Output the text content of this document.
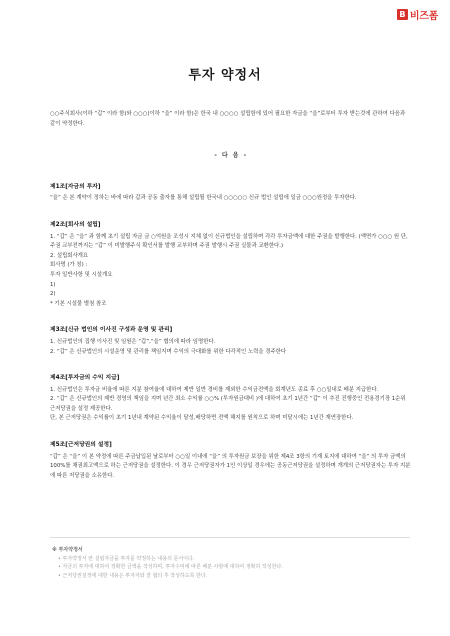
B 비즈폼
투자 약정서

○○주식회사(이하 “갑” 이라 함)와 ○○○(이하 “을” 이라 함)은 한국 내 ○○○○ 설립함에 있어 필요한 자금을 “을”로부터 투자 받는것에 관하여 다음과 같이 약정한다.

- 다 음 -
제1조[자금의 투자]
“을” 은 본 계약이 정하는 바에 따라 갑과 공동 출자를 통해 설립될 한국내 ○○○○○ 신규 법인 설립에 일금 ○○○원정을 투자한다.
제2조[회사의 설립]
1. “갑” 은 “을” 과 함께 초기 설립 자금 금 ○억원을 조성시 지체 없이 신규법인을 설립하며 각각 투자금액에 대한 주권을 발행한다. (액면가 ○○○ 원 단,주권 교부전까지는 “갑” 이 미발행주식 확인서를 발행 교부하며 주권 발행시 주권 실물과 교환한다.)
2. 설립회사개요
회사명 (가 칭) :
투자 일반사항 및 시설개요
1)
2)
* 기본 시설물 별첨 참조
제3조[신규 법인의 이사진 구성과 운영 및 관리]
1. 신규법인의 집행 이사진 및 임원은 “갑”,“을” 협의에 따라 임명한다.
2. “갑” 은 신규법인의 시설운영 및 관리를 책임지며 수익의 극대화를 위한 다각적인 노력을 경주한다
제4조[투자금의 수익 지급]
1. 신규법인은 투자금 비율에 따른 지분 참여율에 대하여 제반 일반 경비를 제외한 수익금전액을 회계년도 종료 후 ○○일내로 배분 지급한다.
2. “갑” 은 신규법인의 제반 경영의 책임을 지며 년간 최소 수익률 ○○% (투자원금대비 )에 대하여 초기 1년간 “갑” 이 추진 진행중인 전용경기장 1순위 근저당권을 설정 제공한다.
단, 본 근저당권은 수익률이 초기 1년내 계약된 수익율이 달성,배당하면 전액 해지를 원칙으로 하며 미달시에는 1년간 재연장한다.
제5조[근저당권의 설정]
“갑” 은 “을” 이 본 약정에 따른 주금납입된 날로부터 ○○일 이내에 “을” 의 투자원금 보장을 위한 제4조 3항의 기재 토지에 대하여 “을” 의 투자 금액의 100%를 채권최고액으로 하는 근저당권을 설정한다. 이 경우 근저당권자가 1인 이상일 경우에는 공동근저당권을 설정하며 개개의 근저당권자는 투자 지분에 따른 저당권을 소유한다.
※ 투자약정서
• 투자약정서 란 설립자금을 투자를 약정하는 내용의 문서이다.
• 자금의 투자에 대하여 정확한 금액을 작성하며, 투자수익에 따른 배분 사항에 대하여 정확히 작성한다.
• 근저당권설정에 대한 내용은 투자자와 잘 협의 후 작성하도록 한다.
